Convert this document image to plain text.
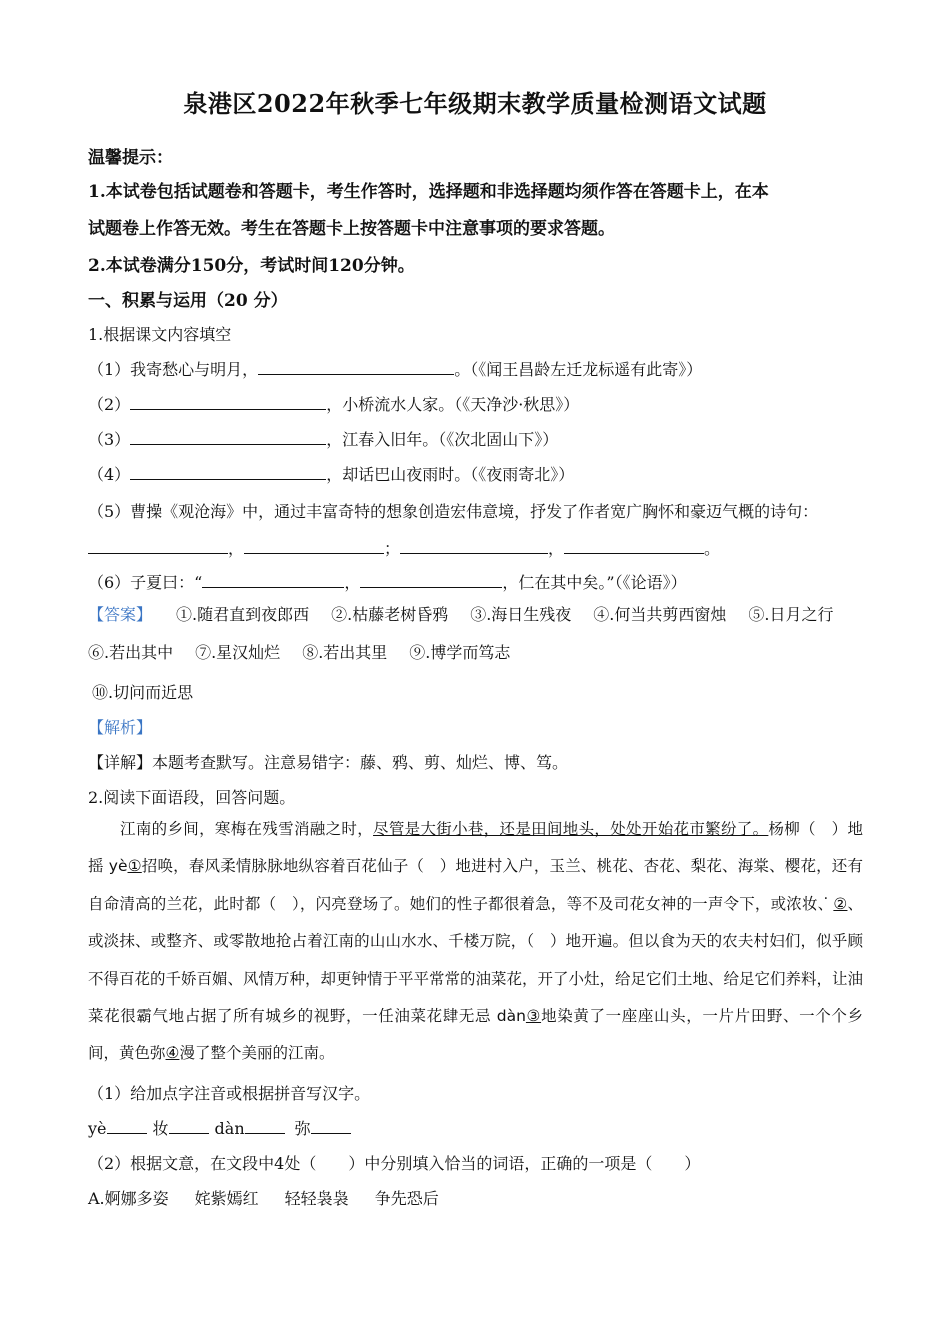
泉港区2022年秋季七年级期末教学质量检测语文试题
温馨提示：
1.本试卷包括试题卷和答题卡，考生作答时，选择题和非选择题均须作答在答题卡上，在本
试题卷上作答无效。考生在答题卡上按答题卡中注意事项的要求答题。
2.本试卷满分150分，考试时间120分钟。
一、积累与运用（20 分）
1.根据课文内容填空
（1）我寄愁心与明月，	。（《闻王昌龄左迁龙标遥有此寄》）
（2）	，小桥流水人家。（《天净沙·秋思》）
（3）	，江春入旧年。（《次北固山下》）
（4）	，却话巴山夜雨时。（《夜雨寄北》）
（5）曹操《观沧海》中，通过丰富奇特的想象创造宏伟意境，抒发了作者宽广胸怀和豪迈气概的诗句：
，	；	，	。
（6）子夏曰：“	，	，仁在其中矣。”（《论语》）
【答案】 ①.随君直到夜郎西 ②.枯藤老树昏鸦 ③.海日生残夜 ④.何当共剪西窗烛 ⑤.日月之行
⑥.若出其中 ⑦.星汉灿烂 ⑧.若出其里 ⑨.博学而笃志
⑩.切问而近思
【解析】
【详解】本题考查默写。注意易错字：藤、鸦、剪、灿烂、博、笃。
2.阅读下面语段，回答问题。

江南的乡间，寒梅在残雪消融之时，尽管是大街小巷，还是田间地头，处处开始花市繁纷了。杨柳（　）地摇 yè①招唤，春风柔情脉脉地纵容着百花仙子（　）地进村入户，玉兰、桃花、杏花、梨花、海棠、樱花，还有自命清高的兰花，此时都（　），闪亮登场了。她们的性子都很着急，等不及司花女神的一声令下，或浓· 妆、②、或淡抹、或整齐、或零散地抢占着江南的山山水水、千楼万院，（　）地开遍。但以食为天的农夫村妇们，似乎顾不得百花的千娇百媚、风情万种，却更钟情于平平常常的油菜花，开了小灶，给足它们土地、给足它们养料，让油菜花很霸气地占据了所有城乡的视野，一任油菜花肆无忌 dàn③地染黄了一座座山头，一片片田野、一个个乡间，黄色· 弥④漫了整个美丽的江南。

（1）给加点字注音或根据拼音写汉字。
yè	妆	dàn	弥
（2）根据文意，在文段中4处（　　）中分别填入恰当的词语，正确的一项是（　　）
A.婀娜多姿 姹紫嫣红 轻轻袅袅 争先恐后
